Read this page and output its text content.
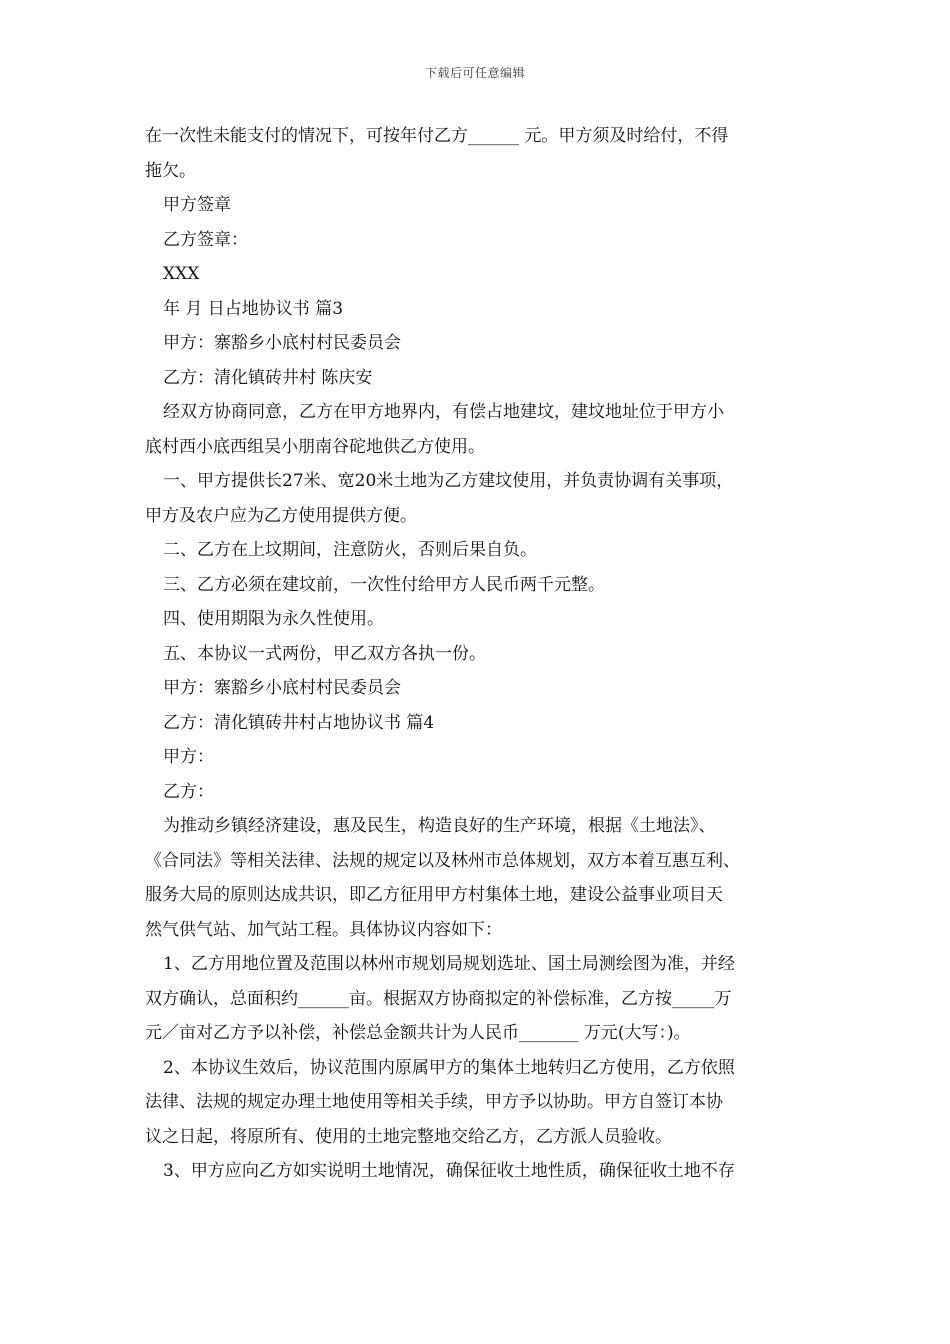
下载后可任意编辑
在一次性未能支付的情况下，可按年付乙方______ 元。甲方须及时给付，不得
拖欠。
甲方签章
乙方签章：
XXX
年 月 日占地协议书 篇3
甲方：寨豁乡小底村村民委员会
乙方：清化镇砖井村 陈庆安
经双方协商同意，乙方在甲方地界内，有偿占地建坟，建坟地址位于甲方小
底村西小底西组吴小朋南谷砣地供乙方使用。
一、甲方提供长27米、宽20米土地为乙方建坟使用，并负责协调有关事项，
甲方及农户应为乙方使用提供方便。
二、乙方在上坟期间，注意防火，否则后果自负。
三、乙方必须在建坟前，一次性付给甲方人民币两千元整。
四、使用期限为永久性使用。
五、本协议一式两份，甲乙双方各执一份。
甲方：寨豁乡小底村村民委员会
乙方：清化镇砖井村占地协议书 篇4
甲方：
乙方：
为推动乡镇经济建设，惠及民生，构造良好的生产环境，根据《土地法》、
《合同法》等相关法律、法规的规定以及林州市总体规划，双方本着互惠互利、
服务大局的原则达成共识，即乙方征用甲方村集体土地，建设公益事业项目天
然气供气站、加气站工程。具体协议内容如下：
1、乙方用地位置及范围以林州市规划局规划选址、国土局测绘图为准，并经
双方确认，总面积约______亩。根据双方协商拟定的补偿标准，乙方按_____万
元／亩对乙方予以补偿，补偿总金额共计为人民币_______ 万元(大写：)。
2、本协议生效后，协议范围内原属甲方的集体土地转归乙方使用，乙方依照
法律、法规的规定办理土地使用等相关手续，甲方予以协助。甲方自签订本协
议之日起，将原所有、使用的土地完整地交给乙方，乙方派人员验收。
3、甲方应向乙方如实说明土地情况，确保征收土地性质，确保征收土地不存
